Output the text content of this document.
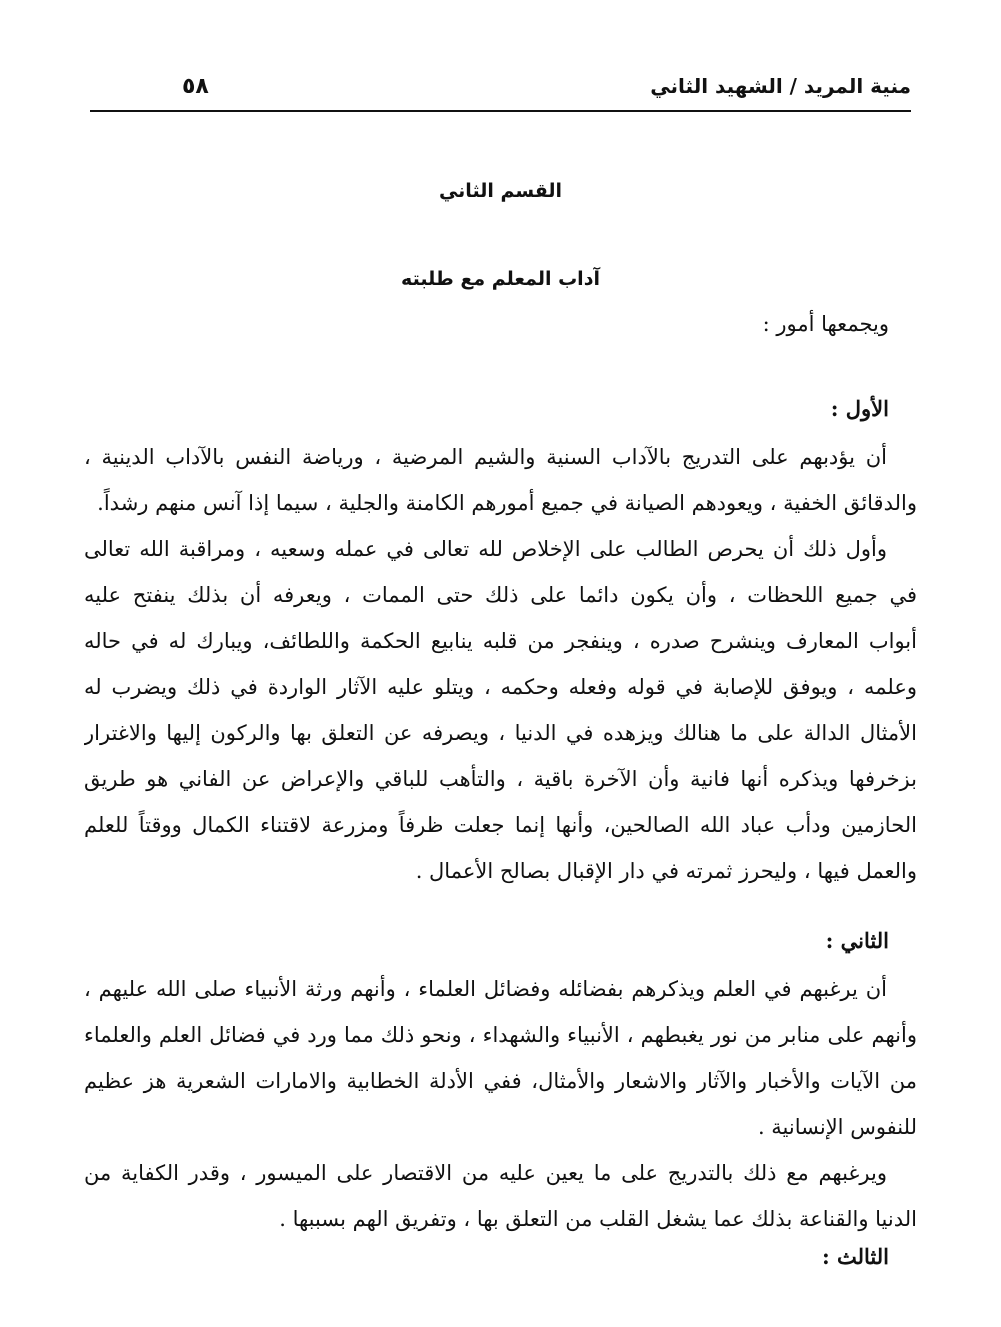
٥٨	منية المريد / الشهيد الثاني
القسم الثاني
آداب المعلم مع طلبته
ويجمعها أمور :
الأول :
أن يؤدبهم على التدريج بالآداب السنية والشيم المرضية ، ورياضة النفس بالآداب الدينية ،
والدقائق الخفية ، ويعودهم الصيانة في جميع أمورهم الكامنة والجلية ، سيما إذا آنس منهم رشداً.
وأول ذلك أن يحرص الطالب على الإخلاص لله تعالى في عمله وسعيه ، ومراقبة الله تعالى
في جميع اللحظات ، وأن يكون دائما على ذلك حتى الممات ، ويعرفه أن بذلك ينفتح عليه
أبواب المعارف وينشرح صدره ، وينفجر من قلبه ينابيع الحكمة واللطائف، ويبارك له في حاله
وعلمه ، ويوفق للإصابة في قوله وفعله وحكمه ، ويتلو عليه الآثار الواردة في ذلك ويضرب له
الأمثال الدالة على ما هنالك ويزهده في الدنيا ، ويصرفه عن التعلق بها والركون إليها والاغترار
بزخرفها ويذكره أنها فانية وأن الآخرة باقية ، والتأهب للباقي والإعراض عن الفاني هو طريق
الحازمين ودأب عباد الله الصالحين، وأنها إنما جعلت ظرفاً ومزرعة لاقتناء الكمال ووقتاً للعلم
والعمل فيها ، وليحرز ثمرته في دار الإقبال بصالح الأعمال .
الثاني :
أن يرغبهم في العلم ويذكرهم بفضائله وفضائل العلماء ، وأنهم ورثة الأنبياء صلى الله عليهم ،
وأنهم على منابر من نور يغبطهم ، الأنبياء والشهداء ، ونحو ذلك مما ورد في فضائل العلم والعلماء
من الآيات والأخبار والآثار والاشعار والأمثال، ففي الأدلة الخطابية والامارات الشعرية هز عظيم
للنفوس الإنسانية .
ويرغبهم مع ذلك بالتدريج على ما يعين عليه من الاقتصار على الميسور ، وقدر الكفاية من
الدنيا والقناعة بذلك عما يشغل القلب من التعلق بها ، وتفريق الهم بسببها .
الثالث :
